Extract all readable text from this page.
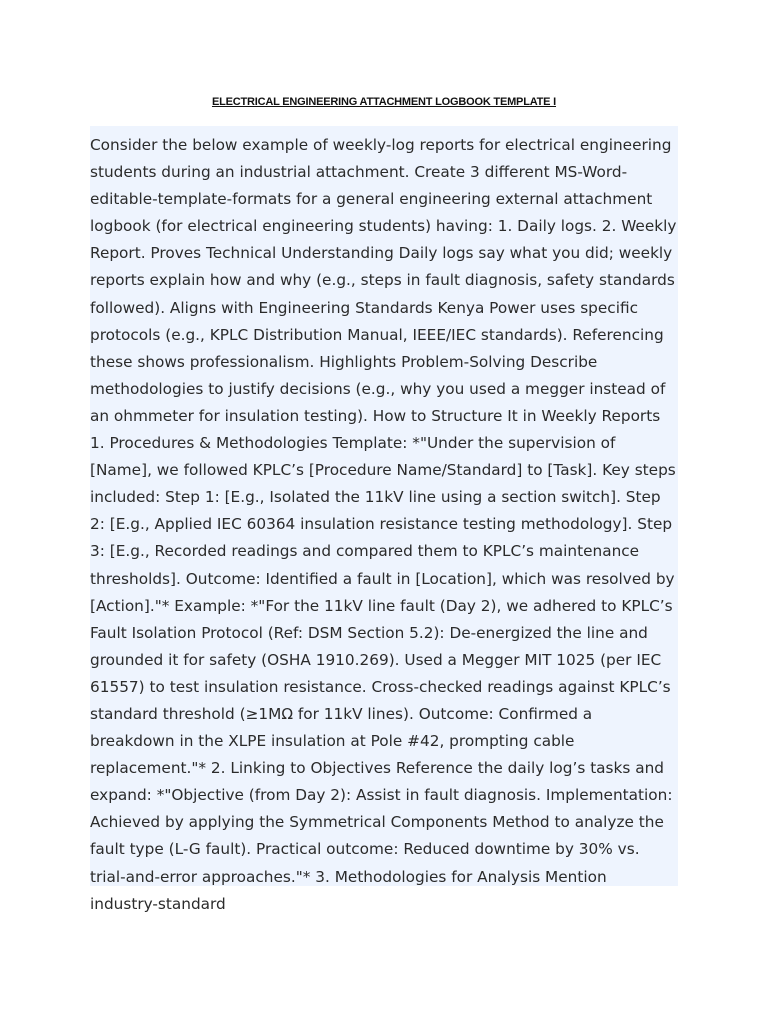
ELECTRICAL ENGINEERING ATTACHMENT LOGBOOK TEMPLATE I

Consider the below example of weekly-log reports for electrical engineering students during an industrial attachment. Create 3 different MS-Word-editable-template-formats for a general engineering external attachment logbook (for electrical engineering students) having: 1. Daily logs. 2. Weekly Report. Proves Technical Understanding Daily logs say what you did; weekly reports explain how and why (e.g., steps in fault diagnosis, safety standards followed). Aligns with Engineering Standards Kenya Power uses specific protocols (e.g., KPLC Distribution Manual, IEEE/IEC standards). Referencing these shows professionalism. Highlights Problem-Solving Describe methodologies to justify decisions (e.g., why you used a megger instead of an ohmmeter for insulation testing). How to Structure It in Weekly Reports 1. Procedures & Methodologies Template: *"Under the supervision of [Name], we followed KPLC’s [Procedure Name/Standard] to [Task]. Key steps included: Step 1: [E.g., Isolated the 11kV line using a section switch]. Step 2: [E.g., Applied IEC 60364 insulation resistance testing methodology]. Step 3: [E.g., Recorded readings and compared them to KPLC’s maintenance thresholds]. Outcome: Identified a fault in [Location], which was resolved by [Action]."* Example: *"For the 11kV line fault (Day 2), we adhered to KPLC’s Fault Isolation Protocol (Ref: DSM Section 5.2): De-energized the line and grounded it for safety (OSHA 1910.269). Used a Megger MIT 1025 (per IEC 61557) to test insulation resistance. Cross-checked readings against KPLC’s standard threshold (≥1MΩ for 11kV lines). Outcome: Confirmed a breakdown in the XLPE insulation at Pole #42, prompting cable replacement."* 2. Linking to Objectives Reference the daily log’s tasks and expand: *"Objective (from Day 2): Assist in fault diagnosis. Implementation: Achieved by applying the Symmetrical Components Method to analyze the fault type (L-G fault). Practical outcome: Reduced downtime by 30% vs. trial-and-error approaches."* 3. Methodologies for Analysis Mention industry-standard
